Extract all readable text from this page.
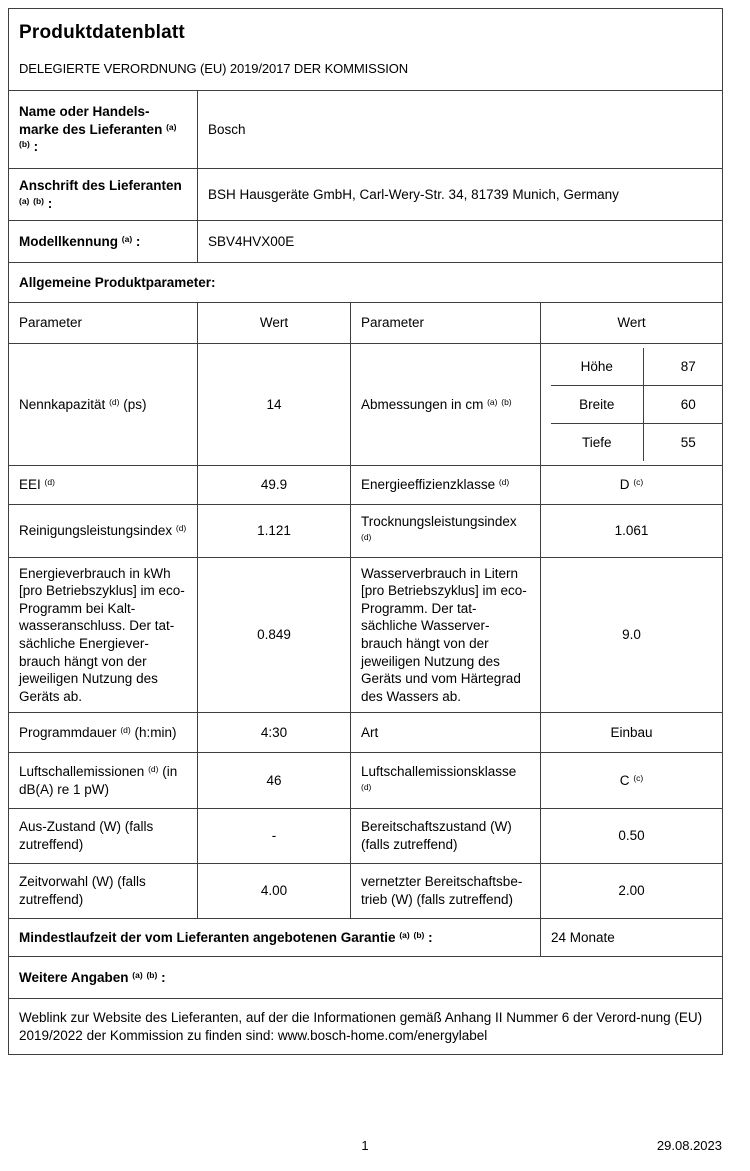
Produktdatenblatt
DELEGIERTE VERORDNUNG (EU) 2019/2017 DER KOMMISSION

Name oder Handels-marke des Lieferanten $^{(a)}$ $^{(b)}$ :	Bosch
Anschrift des Lieferanten $^{(a)}$ $^{(b)}$ :	BSH Hausgeräte GmbH, Carl-Wery-Str. 34, 81739 Munich, Germany
Modellkennung $^{(a)}$ :	SBV4HVX00E
Allgemeine Produktparameter:
Parameter	Wert	Parameter	Wert
Nennkapazität $^{(d)}$ (ps)	14	Abmessungen in cm $^{(a)}$ $^{(b)}$	
Höhe	87
Breite	60
Tiefe	55

EEI $^{(d)}$	49.9	Energieeffizienzklasse $^{(d)}$	D $^{(c)}$
Reinigungsleistungsindex $^{(d)}$	1.121	Trocknungsleistungsindex $^{(d)}$	1.061
Energieverbrauch in kWh [pro Betriebszyklus] im eco-Programm bei Kalt-wasseranschluss. Der tat-sächliche Energiever-brauch hängt von der jeweiligen Nutzung des Geräts ab.	0.849	Wasserverbrauch in Litern [pro Betriebszyklus] im eco-Programm. Der tat-sächliche Wasserver-brauch hängt von der jeweiligen Nutzung des Geräts und vom Härtegrad des Wassers ab.	9.0
Programmdauer $^{(d)}$ (h:min)	4:30	Art	Einbau
Luftschallemissionen $^{(d)}$ (in dB(A) re 1 pW)	46	Luftschallemissionsklasse $^{(d)}$	C $^{(c)}$
Aus-Zustand (W) (falls zutreffend)	-	Bereitschaftszustand (W) (falls zutreffend)	0.50
Zeitvorwahl (W) (falls zutreffend)	4.00	vernetzter Bereitschaftsbe-trieb (W) (falls zutreffend)	2.00
Mindestlaufzeit der vom Lieferanten angebotenen Garantie $^{(a)}$ $^{(b)}$ :	24 Monate
Weitere Angaben $^{(a)}$ $^{(b)}$ :
Weblink zur Website des Lieferanten, auf der die Informationen gemäß Anhang II Nummer 6 der Verord-nung (EU) 2019/2022 der Kommission zu finden sind: www.bosch-home.com/energylabel
1	29.08.2023
